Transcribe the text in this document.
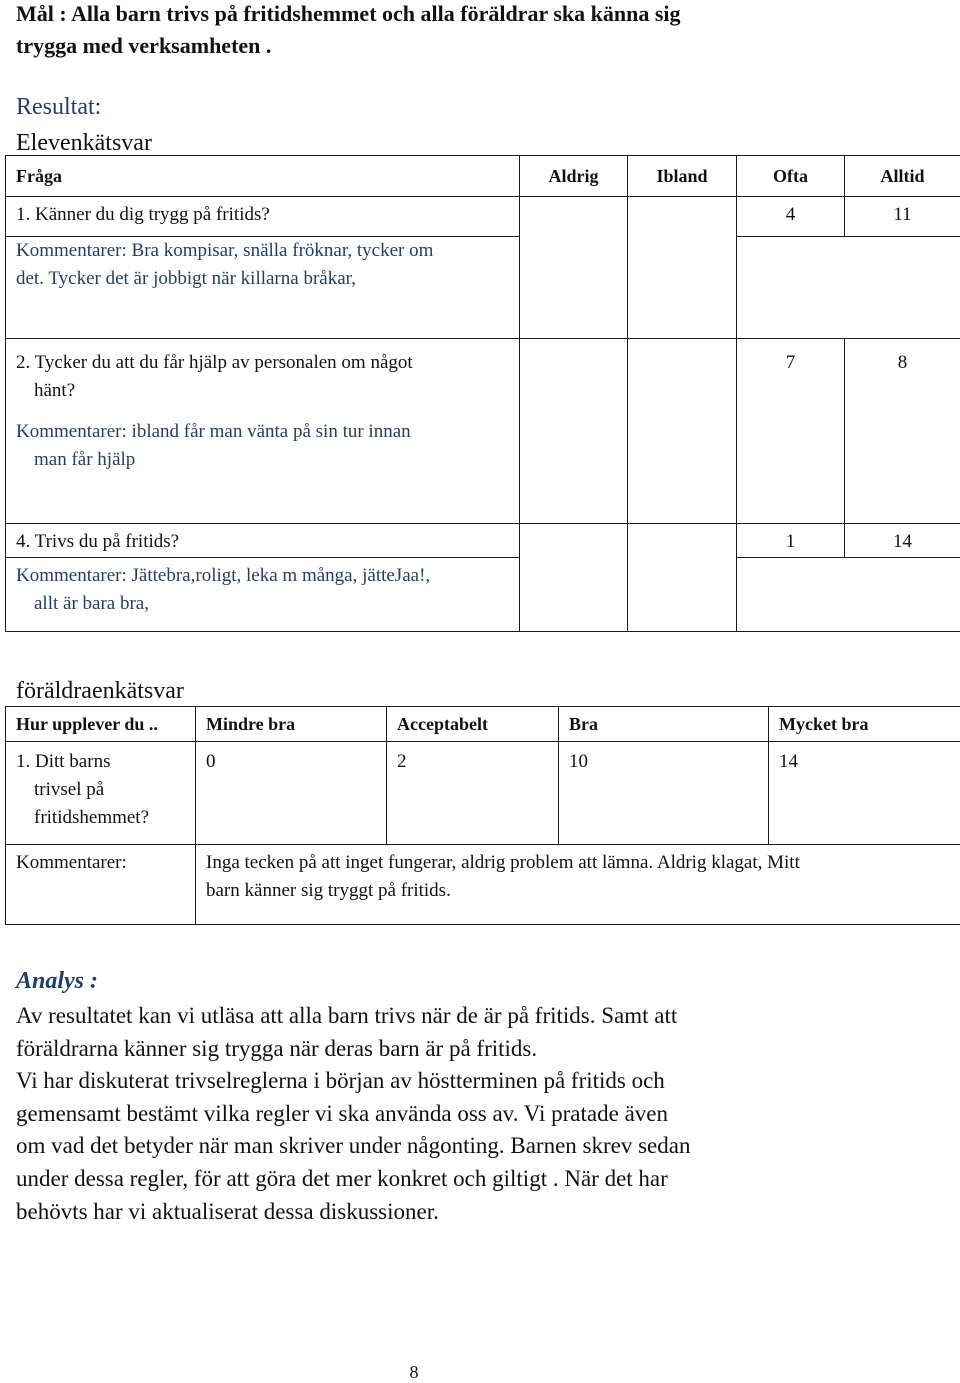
Mål : Alla barn trivs på fritidshemmet och alla föräldrar ska känna sig
trygga med verksamheten .
Resultat:
Elevenkätsvar
Fråga	Aldrig	Ibland	Ofta	Alltid
1. Känner du dig trygg på fritids?			4	11

Kommentarer: Bra kompisar, snälla fröknar, tycker om
det. Tycker det är jobbigt när killarna bråkar,				

2. Tycker du att du får hjälp av personalen om något
hänt?
Kommentarer: ibland får man vänta på sin tur innan
man får hjälp			7	8
4. Trivs du på fritids?			1	14

Kommentarer: Jättebra,roligt, leka m många, jätteJaa!,
allt är bara bra,				

föräldraenkätsvar
Hur upplever du ..	Mindre bra	Acceptabelt	Bra	Mycket bra

1. Ditt barns
trivsel på
fritidshemmet?	0	2	10	14
Kommentarer:	Inga tecken på att inget fungerar, aldrig problem att lämna. Aldrig klagat, Mitt
barn känner sig tryggt på fritids.			
Analys :

Av resultatet kan vi utläsa att alla barn trivs när de är på fritids. Samt att

föräldrarna känner sig trygga när deras barn är på fritids.

Vi har diskuterat trivselreglerna i början av höstterminen på fritids och

gemensamt bestämt vilka regler vi ska använda oss av. Vi pratade även

om vad det betyder när man skriver under någonting. Barnen skrev sedan

under dessa regler, för att göra det mer konkret och giltigt . När det har

behövts har vi aktualiserat dessa diskussioner.

8
